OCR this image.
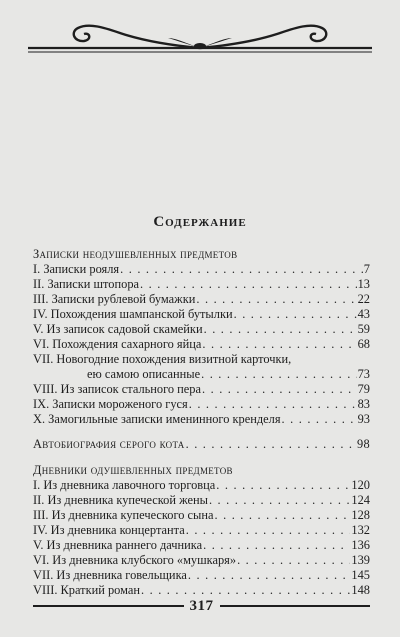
Содержание
Записки неодушевленных предметов
I. Записки рояля . . .	7
II. Записки штопора . . .	13
III. Записки рублевой бумажки . . .	22
IV. Похождения шампанской бутылки . . .	43
V. Из записок садовой скамейки . . .	59
VI. Похождения сахарного яйца . . .	68
VII. Новогодние похождения визитной карточки,
ею самою описанные . . .	73
VIII. Из записок стального пера . . .	79
IX. Записки мороженого гуся . . .	83
X. Замогильные записки именинного кренделя . . .	93
Автобиография серого кота . . .	98
Дневники одушевленных предметов
I. Из дневника лавочного торговца . . .	120
II. Из дневника купеческой жены . . .	124
III. Из дневника купеческого сына . . .	128
IV. Из дневника концертанта . . .	132
V. Из дневника раннего дачника . . .	136
VI. Из дневника клубского «мушкаря» . . .	139
VII. Из дневника говельщика . . .	145
VIII. Краткий роман . . .	148
317
